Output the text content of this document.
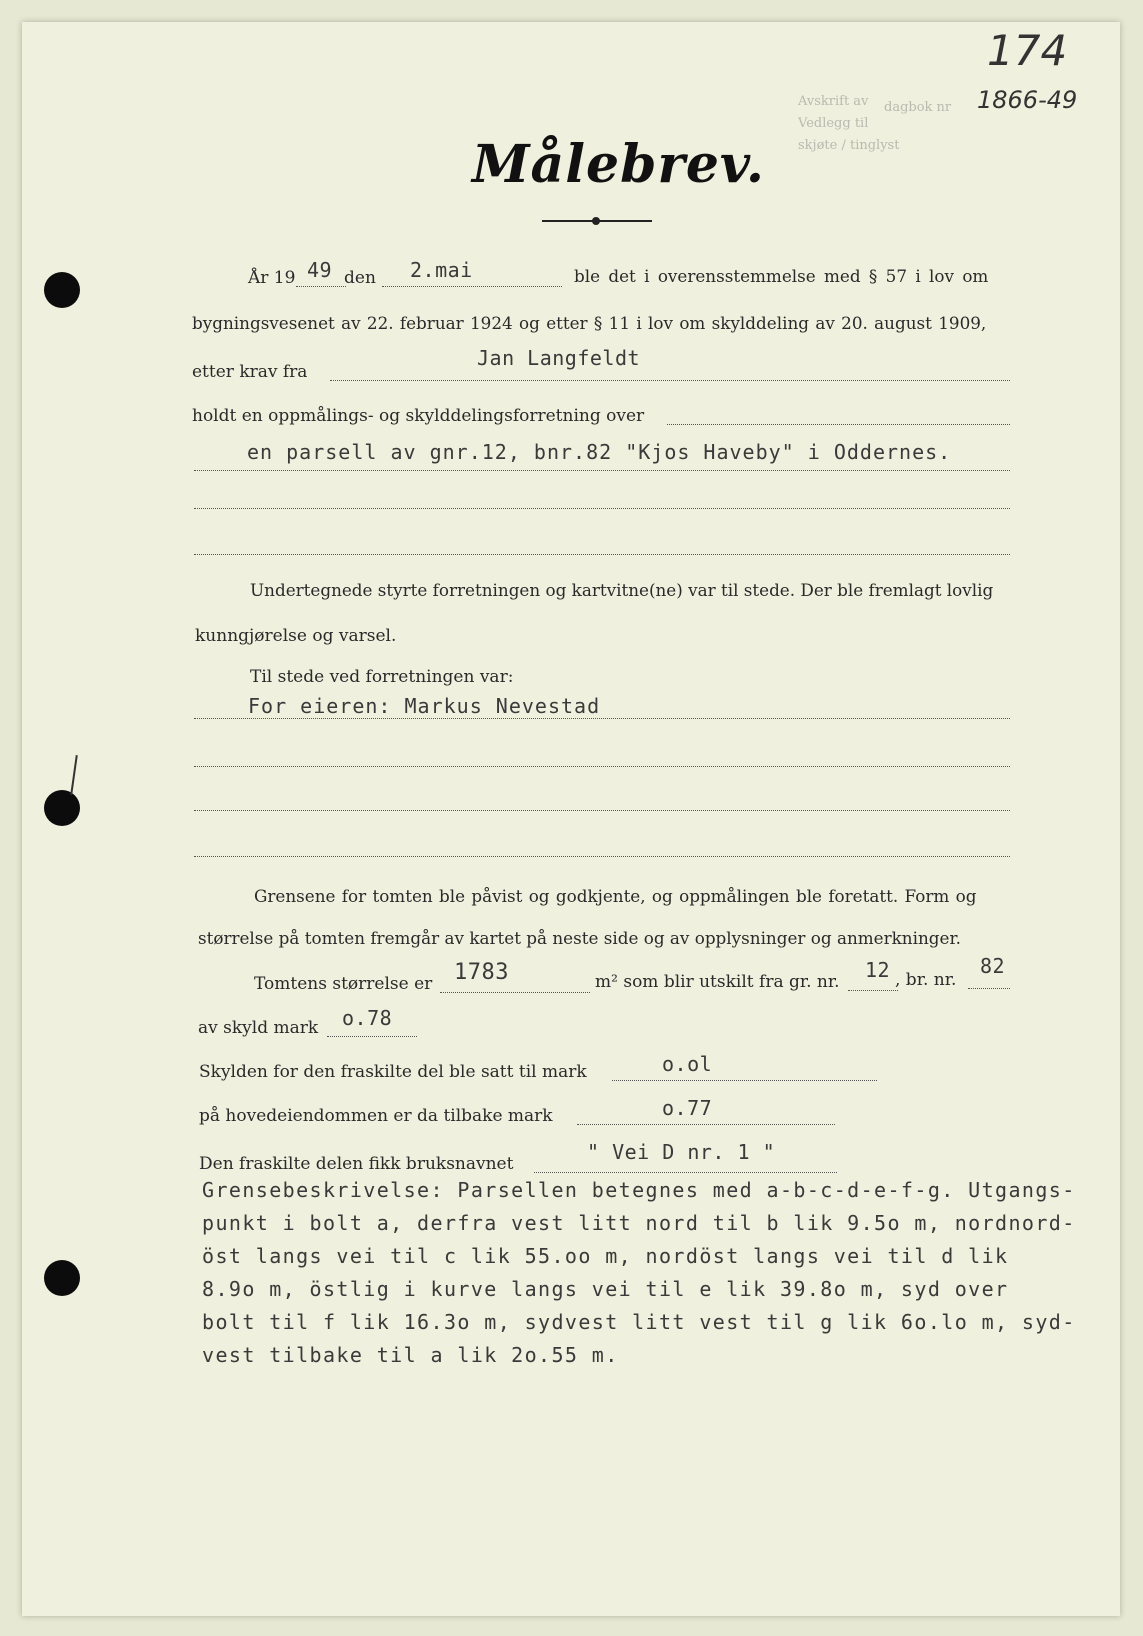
174
1866-49
Avskrift av dagbok nr
Vedlegg til
skjøte / tinglyst
Målebrev.
År 19 49 den 2.mai	ble det i overensstemmelse med § 57 i lov om
bygningsvesenet av 22. februar 1924 og etter § 11 i lov om skylddeling av 20. august 1909,
etter krav fra
Jan Langfeldt
holdt en oppmålings- og skylddelingsforretning over
en parsell av gnr.12, bnr.82 "Kjos Haveby" i Oddernes.
Undertegnede styrte forretningen og kartvitne(ne) var til stede. Der ble fremlagt lovlig
kunngjørelse og varsel.
Til stede ved forretningen var:
For eieren: Markus Nevestad
Grensene for tomten ble påvist og godkjente, og oppmålingen ble foretatt. Form og
størrelse på tomten fremgår av kartet på neste side og av opplysninger og anmerkninger.
Tomtens størrelse er 1783	m² som blir utskilt fra gr. nr. 12 , br. nr.
82
av skyld mark o.78
Skylden for den fraskilte del ble satt til mark	o.ol
på hovedeiendommen er da tilbake mark	o.77
Den fraskilte delen fikk bruksnavnet	" Vei D nr. 1 "
Grensebeskrivelse: Parsellen betegnes med a-b-c-d-e-f-g. Utgangs-
punkt i bolt a, derfra vest litt nord til b lik 9.5o m, nordnord-
öst langs vei til c lik 55.oo m, nordöst langs vei til d lik
8.9o m, östlig i kurve langs vei til e lik 39.8o m, syd over
bolt til f lik 16.3o m, sydvest litt vest til g lik 6o.lo m, syd-
vest tilbake til a lik 2o.55 m.
